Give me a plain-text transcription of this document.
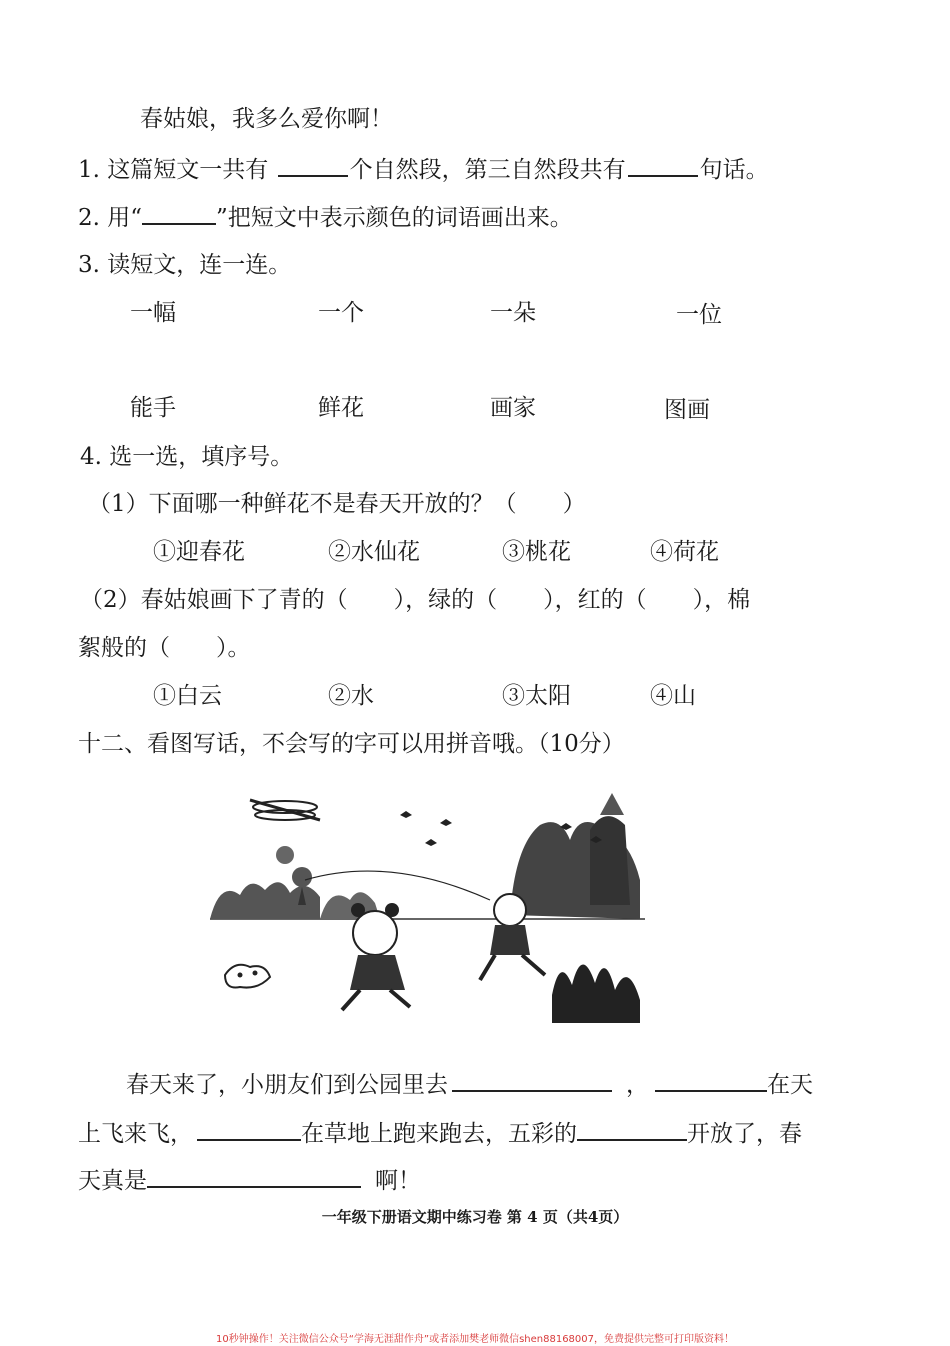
春姑娘，我多么爱你啊！
1. 这篇短文一共有	个自然段，第三自然段共有	句话。
2. 用“	”把短文中表示颜色的词语画出来。
3. 读短文，连一连。
一幅	一个	一朵	一位
能手	鲜花	画家	图画
4. 选一选，填序号。
（1）下面哪一种鲜花不是春天开放的？（　　）
①迎春花	②水仙花	③桃花	④荷花
（2）春姑娘画下了青的（　　），绿的（　　），红的（　　），棉
絮般的（　　）。
①白云	②水	③太阳	④山
十二、看图写话，不会写的字可以用拼音哦。（10分）
春天来了，小朋友们到公园里去	，	在天
上飞来飞，	在草地上跑来跑去，五彩的	开放了，春
天真是	啊！
一年级下册语文期中练习卷 第 4 页（共4页）
10秒钟操作！关注微信公众号“学海无涯甜作舟”或者添加樊老师微信shen88168007，免费提供完整可打印版资料！
